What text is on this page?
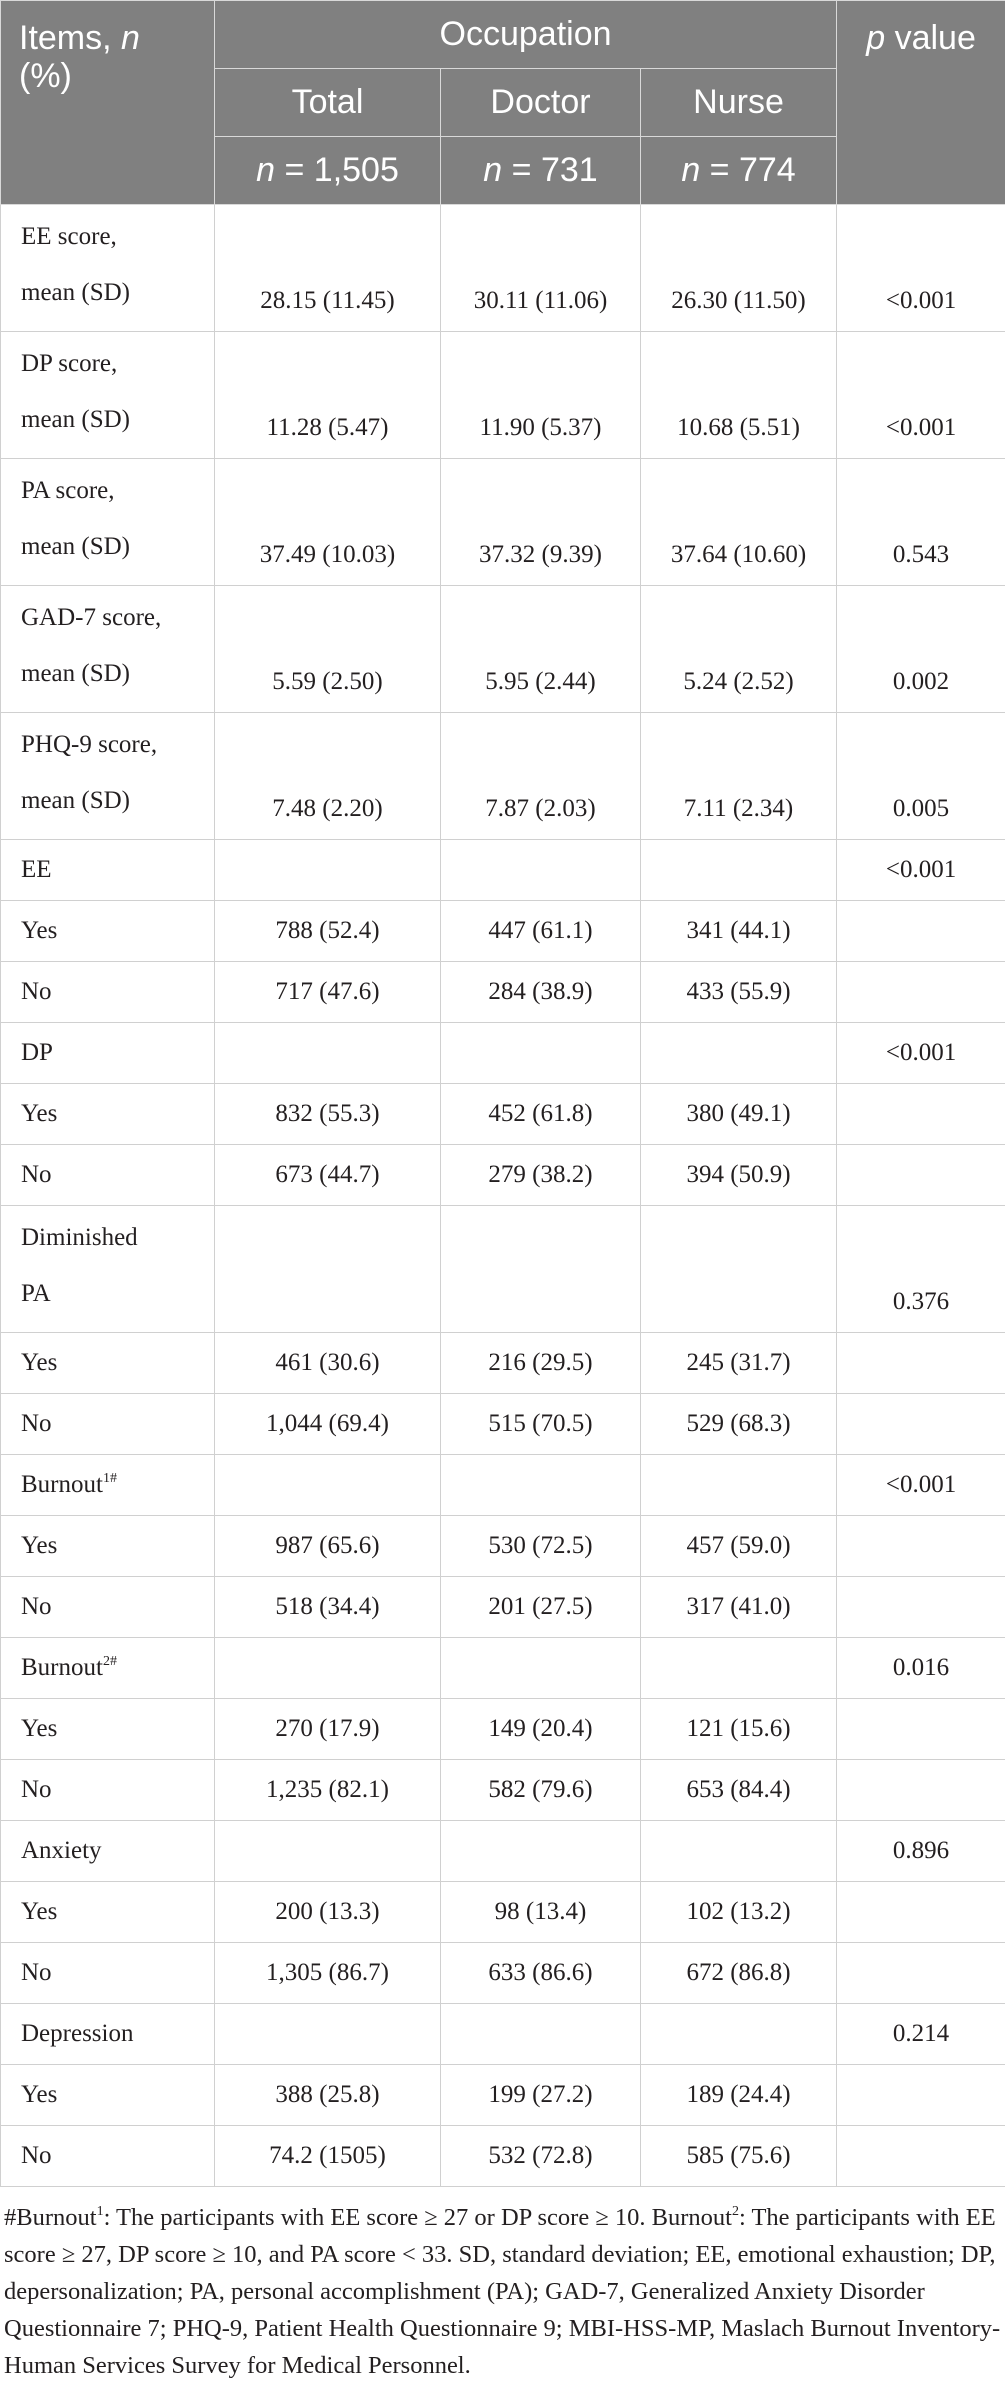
Items, n
(%)	Occupation			p value
	Total	Doctor	Nurse	
	n = 1,505	n = 731	n = 774	
EE score,
mean (SD)	28.15 (11.45)	30.11 (11.06)	26.30 (11.50)	<0.001
DP score,
mean (SD)	11.28 (5.47)	11.90 (5.37)	10.68 (5.51)	<0.001
PA score,
mean (SD)	37.49 (10.03)	37.32 (9.39)	37.64 (10.60)	0.543
GAD-7 score,
mean (SD)	5.59 (2.50)	5.95 (2.44)	5.24 (2.52)	0.002
PHQ-9 score,
mean (SD)	7.48 (2.20)	7.87 (2.03)	7.11 (2.34)	0.005
EE				<0.001
Yes	788 (52.4)	447 (61.1)	341 (44.1)	
No	717 (47.6)	284 (38.9)	433 (55.9)	
DP				<0.001
Yes	832 (55.3)	452 (61.8)	380 (49.1)	
No	673 (44.7)	279 (38.2)	394 (50.9)	
Diminished
PA				0.376
Yes	461 (30.6)	216 (29.5)	245 (31.7)	
No	1,044 (69.4)	515 (70.5)	529 (68.3)	
Burnout$^{1\#}$				<0.001
Yes	987 (65.6)	530 (72.5)	457 (59.0)	
No	518 (34.4)	201 (27.5)	317 (41.0)	
Burnout$^{2\#}$				0.016
Yes	270 (17.9)	149 (20.4)	121 (15.6)	
No	1,235 (82.1)	582 (79.6)	653 (84.4)	
Anxiety				0.896
Yes	200 (13.3)	98 (13.4)	102 (13.2)	
No	1,305 (86.7)	633 (86.6)	672 (86.8)	
Depression				0.214
Yes	388 (25.8)	199 (27.2)	189 (24.4)	
No	74.2 (1505)	532 (72.8)	585 (75.6)	
#Burnout$^1$: The participants with EE score ≥ 27 or DP score ≥ 10. Burnout$^2$: The participants with EE score ≥ 27, DP score ≥ 10, and PA score < 33. SD, standard deviation; EE, emotional exhaustion; DP, depersonalization; PA, personal accomplishment (PA); GAD-7, Generalized Anxiety Disorder Questionnaire 7; PHQ-9, Patient Health Questionnaire 9; MBI-HSS-MP, Maslach Burnout Inventory-Human Services Survey for Medical Personnel.
